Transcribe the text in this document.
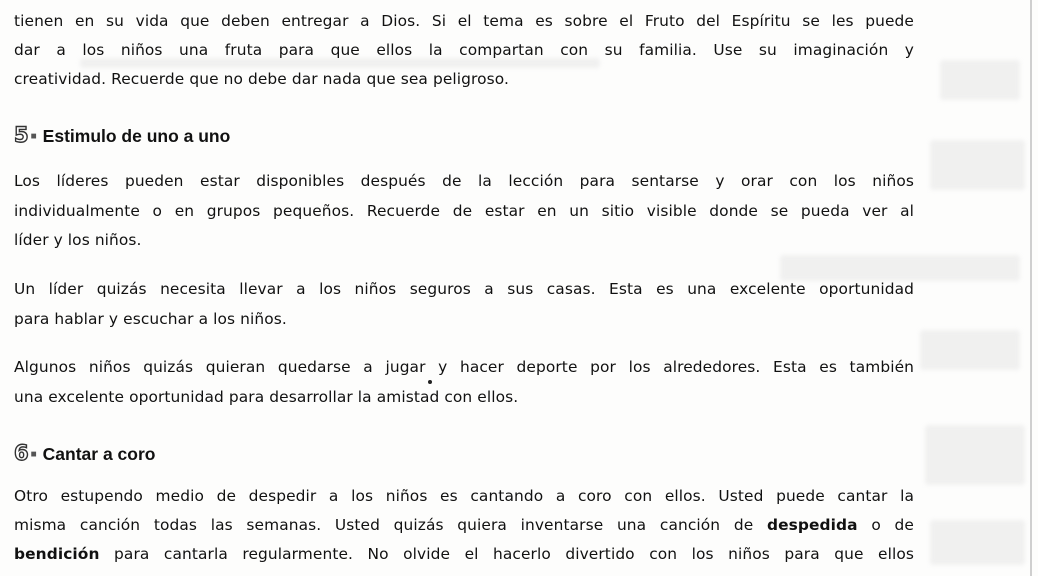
tienen en su vida que deben entregar a Dios. Si el tema es sobre el Fruto del Espíritu se les puede
dar a los niños una fruta para que ellos la compartan con su familia. Use su imaginación y
creatividad. Recuerde que no debe dar nada que sea peligroso.
5 ■ Estimulo de uno a uno
Los líderes pueden estar disponibles después de la lección para sentarse y orar con los niños
individualmente o en grupos pequeños. Recuerde de estar en un sitio visible donde se pueda ver al
líder y los niños.
Un líder quizás necesita llevar a los niños seguros a sus casas. Esta es una excelente oportunidad
para hablar y escuchar a los niños.
Algunos niños quizás quieran quedarse a jugar y hacer deporte por los alrededores. Esta es también
una excelente oportunidad para desarrollar la amistad con ellos.
6 ■ Cantar a coro
Otro estupendo medio de despedir a los niños es cantando a coro con ellos. Usted puede cantar la
misma canción todas las semanas. Usted quizás quiera inventarse una canción de despedida o de
bendición para cantarla regularmente. No olvide el hacerlo divertido con los niños para que ellos
